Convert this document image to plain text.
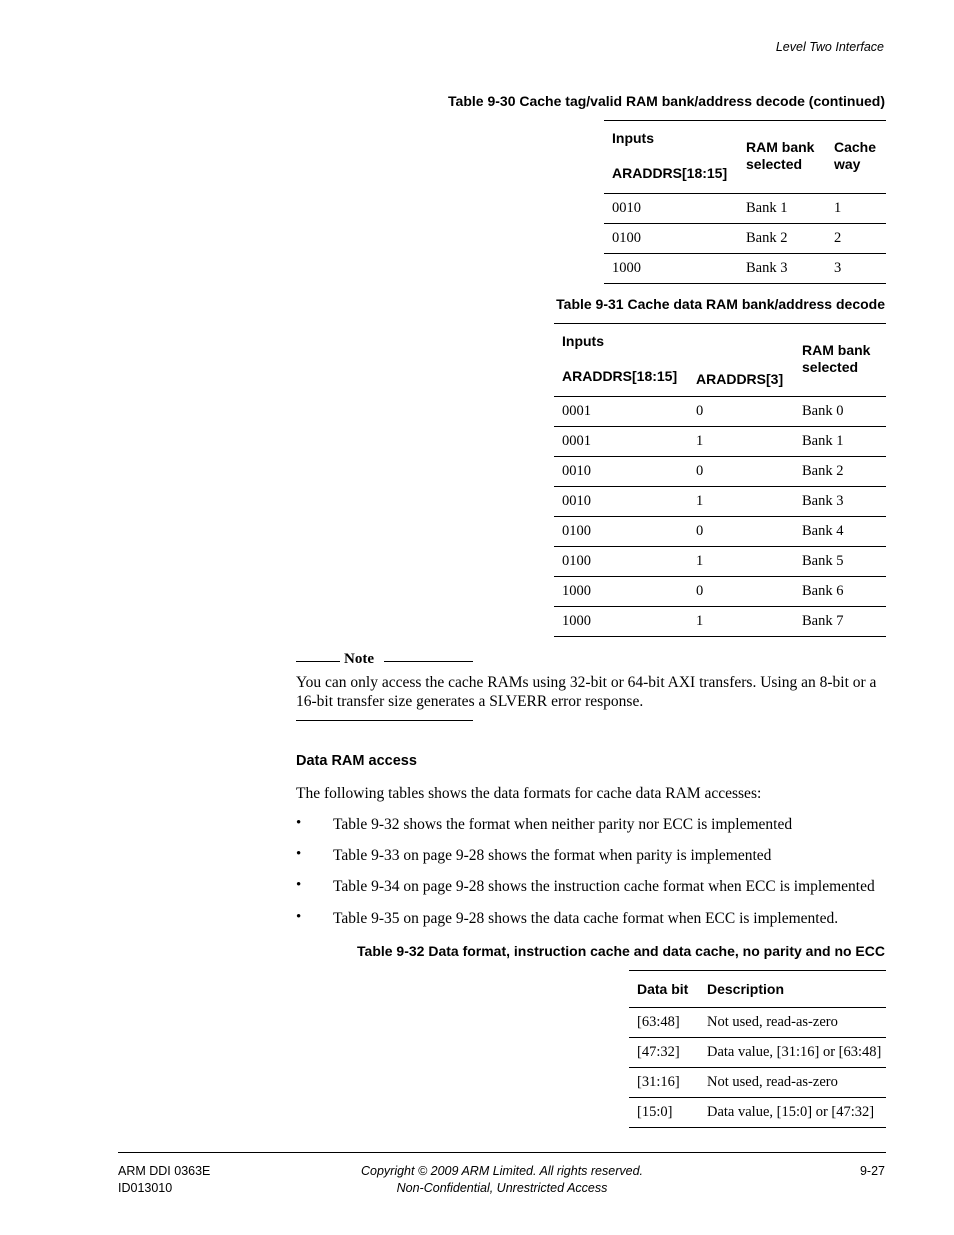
Level Two Interface
Table 9-30 Cache tag/valid RAM bank/address decode (continued)
Inputs
ARADDRS[18:15]	RAM bank selected	Cache way
0010	Bank 1	1
0100	Bank 2	2
1000	Bank 3	3
Table 9-31 Cache data RAM bank/address decode
Inputs
ARADDRS[18:15]	ARADDRS[3]	RAM bank selected
0001	0	Bank 0
0001	1	Bank 1
0010	0	Bank 2
0010	1	Bank 3
0100	0	Bank 4
0100	1	Bank 5
1000	0	Bank 6
1000	1	Bank 7
Note
You can only access the cache RAMs using 32-bit or 64-bit AXI transfers. Using an 8-bit or a 16-bit transfer size generates a SLVERR error response.
Data RAM access
The following tables shows the data formats for cache data RAM accesses:
• Table 9-32 shows the format when neither parity nor ECC is implemented
• Table 9-33 on page 9-28 shows the format when parity is implemented
• Table 9-34 on page 9-28 shows the instruction cache format when ECC is implemented
• Table 9-35 on page 9-28 shows the data cache format when ECC is implemented.
Table 9-32 Data format, instruction cache and data cache, no parity and no ECC
Data bit	Description
[63:48]	Not used, read-as-zero
[47:32]	Data value, [31:16] or [63:48]
[31:16]	Not used, read-as-zero
[15:0]	Data value, [15:0] or [47:32]
ARM DDI 0363E
ID013010
Copyright © 2009 ARM Limited. All rights reserved.
Non-Confidential, Unrestricted Access
9-27
